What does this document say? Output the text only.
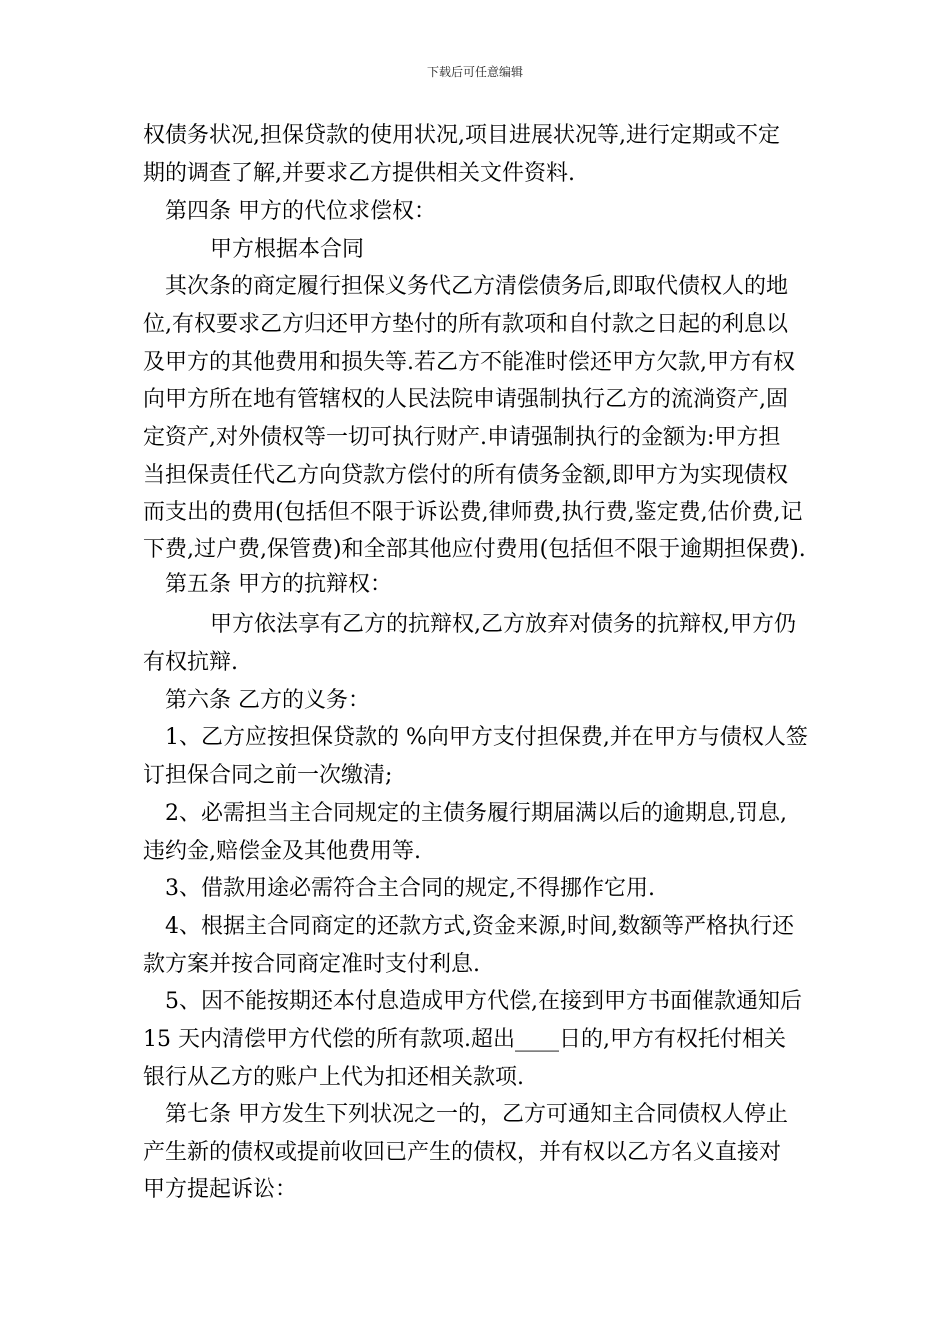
下载后可任意编辑
权债务状况,担保贷款的使用状况,项目进展状况等,进行定期或不定
期的调查了解,并要求乙方提供相关文件资料.
第四条 甲方的代位求偿权：
甲方根据本合同
其次条的商定履行担保义务代乙方清偿债务后,即取代债权人的地
位,有权要求乙方归还甲方垫付的所有款项和自付款之日起的利息以
及甲方的其他费用和损失等.若乙方不能准时偿还甲方欠款,甲方有权
向甲方所在地有管辖权的人民法院申请强制执行乙方的流淌资产,固
定资产,对外债权等一切可执行财产.申请强制执行的金额为:甲方担
当担保责任代乙方向贷款方偿付的所有债务金额,即甲方为实现债权
而支出的费用(包括但不限于诉讼费,律师费,执行费,鉴定费,估价费,记
下费,过户费,保管费)和全部其他应付费用(包括但不限于逾期担保费).
第五条 甲方的抗辩权：
甲方依法享有乙方的抗辩权,乙方放弃对债务的抗辩权,甲方仍
有权抗辩.
第六条 乙方的义务：
1、乙方应按担保贷款的 %向甲方支付担保费,并在甲方与债权人签
订担保合同之前一次缴清;
2、必需担当主合同规定的主债务履行期届满以后的逾期息,罚息,
违约金,赔偿金及其他费用等.
3、借款用途必需符合主合同的规定,不得挪作它用.
4、根据主合同商定的还款方式,资金来源,时间,数额等严格执行还
款方案并按合同商定准时支付利息.
5、因不能按期还本付息造成甲方代偿,在接到甲方书面催款通知后
15 天内清偿甲方代偿的所有款项.超出____日的,甲方有权托付相关
银行从乙方的账户上代为扣还相关款项.
第七条 甲方发生下列状况之一的，乙方可通知主合同债权人停止
产生新的债权或提前收回已产生的债权，并有权以乙方名义直接对
甲方提起诉讼：
